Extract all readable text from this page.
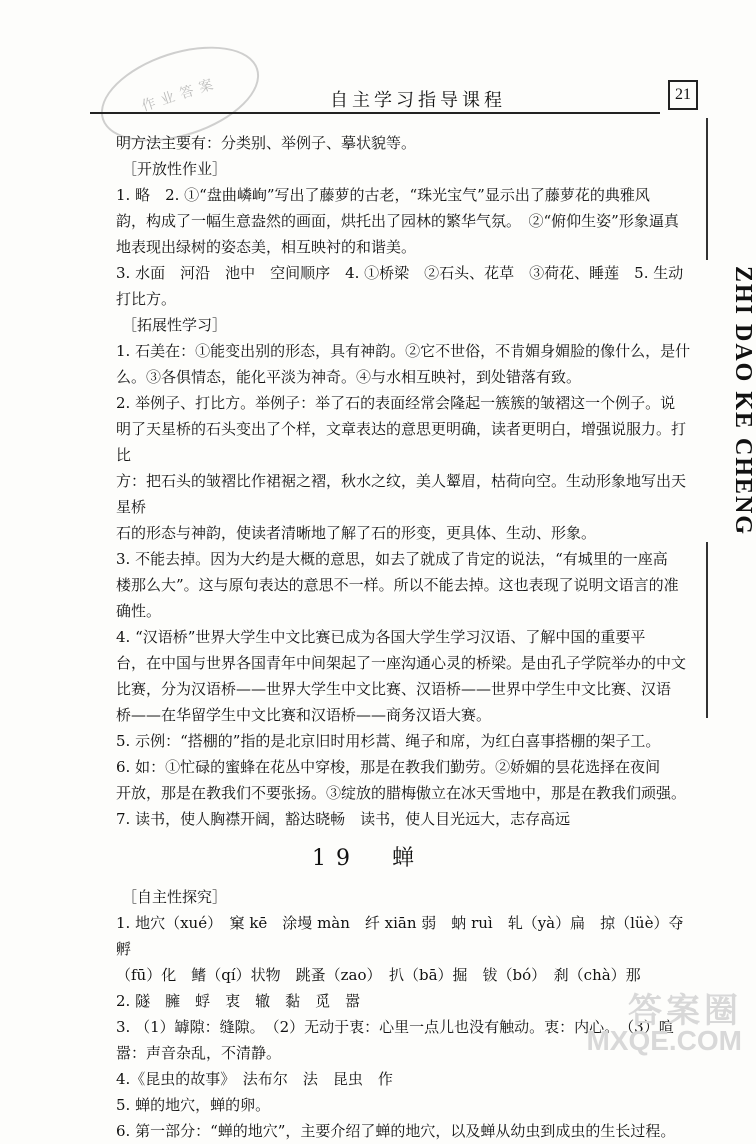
作业答案	自主学习指导课程	21
ZHI DAO KE CHENG

明方法主要有：分类别、举例子、摹状貌等。

［开放性作业］

1. 略　2. ①“盘曲嶙峋”写出了藤萝的古老，“珠光宝气”显示出了藤萝花的典雅风

韵，构成了一幅生意盎然的画面，烘托出了园林的繁华气氛。　②“俯仰生姿”形象逼真

地表现出绿树的姿态美，相互映衬的和谐美。

3. 水面　河沿　池中　空间顺序　4. ①桥梁　②石头、花草　③荷花、睡莲　5. 生动

打比方。

［拓展性学习］

1. 石美在：①能变出别的形态，具有神韵。②它不世俗，不肯媚身媚脸的像什么，是什

么。③各俱情态，能化平淡为神奇。④与水相互映衬，到处错落有致。

2. 举例子、打比方。举例子：举了石的表面经常会隆起一簇簇的皱褶这一个例子。说

明了天星桥的石头变出了个样，文章表达的意思更明确，读者更明白，增强说服力。打比

方：把石头的皱褶比作裙裾之褶，秋水之纹，美人颦眉，枯荷向空。生动形象地写出天星桥

石的形态与神韵，使读者清晰地了解了石的形变，更具体、生动、形象。

3. 不能去掉。因为大约是大概的意思，如去了就成了肯定的说法，“有城里的一座高

楼那么大”。这与原句表达的意思不一样。所以不能去掉。这也表现了说明文语言的准

确性。

4. “汉语桥”世界大学生中文比赛已成为各国大学生学习汉语、了解中国的重要平

台，在中国与世界各国青年中间架起了一座沟通心灵的桥梁。是由孔子学院举办的中文

比赛，分为汉语桥——世界大学生中文比赛、汉语桥——世界中学生中文比赛、汉语

桥——在华留学生中文比赛和汉语桥——商务汉语大赛。

5. 示例：“搭棚的”指的是北京旧时用杉蒿、绳子和席，为红白喜事搭棚的架子工。

6. 如：①忙碌的蜜蜂在花丛中穿梭，那是在教我们勤劳。②娇媚的昙花选择在夜间

开放，那是在教我们不要张扬。③绽放的腊梅傲立在冰天雪地中，那是在教我们顽强。

7. 读书，使人胸襟开阔，豁达晓畅　读书，使人目光远大，志存高远

19　蝉

［自主性探究］

1. 地穴（xué）　窠 kē　涂墁 màn　纤 xiān 弱　蚋 ruì　轧（yà）扁　掠（lüè）夺　孵

（fū）化　鳍（qí）状物　跳蚤（zao）　扒（bā）掘　钹（bó）　刹（chà）那

2. 隧　臃　蜉　衷　辙　黏　觅　嚣

3. （1）罅隙：缝隙。　（2）无动于衷：心里一点儿也没有触动。衷：内心。　（3）喧

嚣：声音杂乱，不清静。

4.《昆虫的故事》　法布尔　法　昆虫　作

5. 蝉的地穴，蝉的卵。

6. 第一部分：“蝉的地穴”，主要介绍了蝉的地穴，以及蝉从幼虫到成虫的生长过程。

答案圈
MXQE.COM
